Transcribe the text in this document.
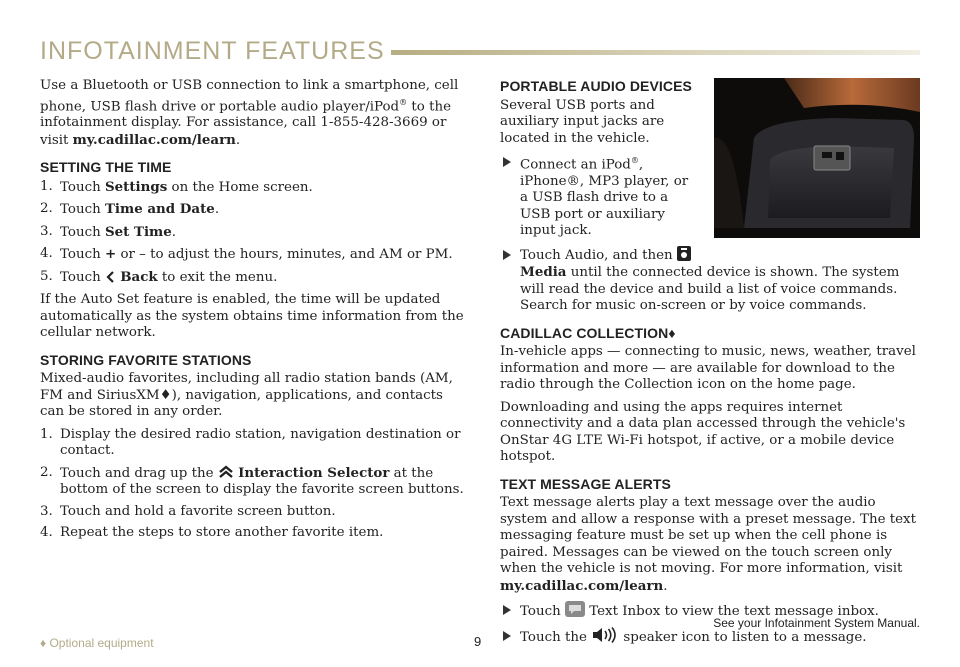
INFOTAINMENT FEATURES

Use a Bluetooth or USB connection to link a smartphone, cell phone, USB flash drive or portable audio player/iPod® to the infotainment display. For assistance, call 1-855-428-3669 or visit my.cadillac.com/learn.

SETTING THE TIME
1. Touch Settings on the Home screen.
2. Touch Time and Date.
3. Touch Set Time.
4. Touch + or – to adjust the hours, minutes, and AM or PM.
5. Touch  Back to exit the menu.

If the Auto Set feature is enabled, the time will be updated automatically as the system obtains time information from the cellular network.

STORING FAVORITE STATIONS

Mixed-audio favorites, including all radio station bands (AM, FM and SiriusXM♦), navigation, applications, and contacts can be stored in any order.

1. Display the desired radio station, navigation destination or contact.
2. Touch and drag up the  Interaction Selector at the bottom of the screen to display the favorite screen buttons.
3. Touch and hold a favorite screen button.
4. Repeat the steps to store another favorite item.
PORTABLE AUDIO DEVICES

Several USB ports and auxiliary input jacks are located in the vehicle.

Connect an iPod®, iPhone®, MP3 player, or a USB flash drive to a USB port or auxiliary input jack.
Touch Audio, and then
Media until the connected device is shown. The system will read the device and build a list of voice commands. Search for music on-screen or by voice commands.
CADILLAC COLLECTION♦

In-vehicle apps — connecting to music, news, weather, travel information and more — are available for download to the radio through the Collection icon on the home page.

Downloading and using the apps requires internet connectivity and a data plan accessed through the vehicle's OnStar 4G LTE Wi-Fi hotspot, if active, or a mobile device hotspot.

TEXT MESSAGE ALERTS

Text message alerts play a text message over the audio system and allow a response with a preset message. The text messaging feature must be set up when the cell phone is paired. Messages can be viewed on the touch screen only when the vehicle is not moving. For more information, visit my.cadillac.com/learn.

Touch  Text Inbox to view the text message inbox.
Touch the  speaker icon to listen to a message.
♦ Optional equipment	9
See your Infotainment System Manual.
